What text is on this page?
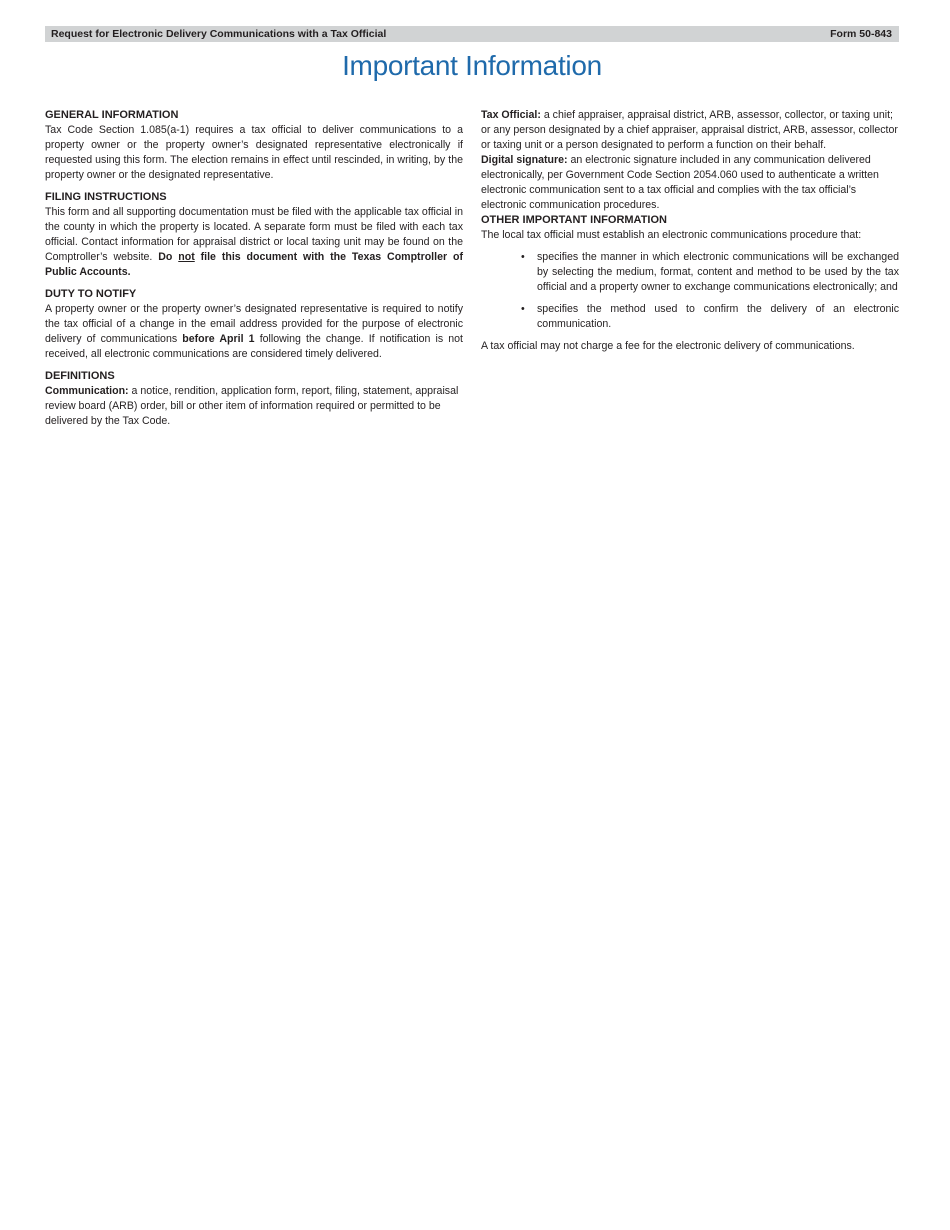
Request for Electronic Delivery Communications with a Tax Official	Form 50-843
Important Information

GENERAL INFORMATION

Tax Code Section 1.085(a-1) requires a tax official to deliver communications to a property owner or the property owner’s designated representative electronically if requested using this form. The election remains in effect until rescinded, in writing, by the property owner or the designated representative.

FILING INSTRUCTIONS

This form and all supporting documentation must be filed with the applicable tax official in the county in which the property is located. A separate form must be filed with each tax official. Contact information for appraisal district or local taxing unit may be found on the Comptroller’s website. Do not file this document with the Texas Comptroller of Public Accounts.

DUTY TO NOTIFY

A property owner or the property owner’s designated representative is required to notify the tax official of a change in the email address provided for the purpose of electronic delivery of communications before April 1 following the change. If notification is not received, all electronic communications are considered timely delivered.

DEFINITIONS

Communication: a notice, rendition, application form, report, filing, statement, appraisal review board (ARB) order, bill or other item of information required or permitted to be delivered by the Tax Code.

Tax Official: a chief appraiser, appraisal district, ARB, assessor, collector, or taxing unit; or any person designated by a chief appraiser, appraisal district, ARB, assessor, collector or taxing unit or a person designated to perform a function on their behalf.

Digital signature: an electronic signature included in any communication delivered electronically, per Government Code Section 2054.060 used to authenticate a written electronic communication sent to a tax official and complies with the tax official’s electronic communication procedures.

OTHER IMPORTANT INFORMATION

The local tax official must establish an electronic communications procedure that:

• specifies the manner in which electronic communications will be exchanged by selecting the medium, format, content and method to be used by the tax official and a property owner to exchange communications electronically; and
• specifies the method used to confirm the delivery of an electronic communication.

A tax official may not charge a fee for the electronic delivery of communications.
